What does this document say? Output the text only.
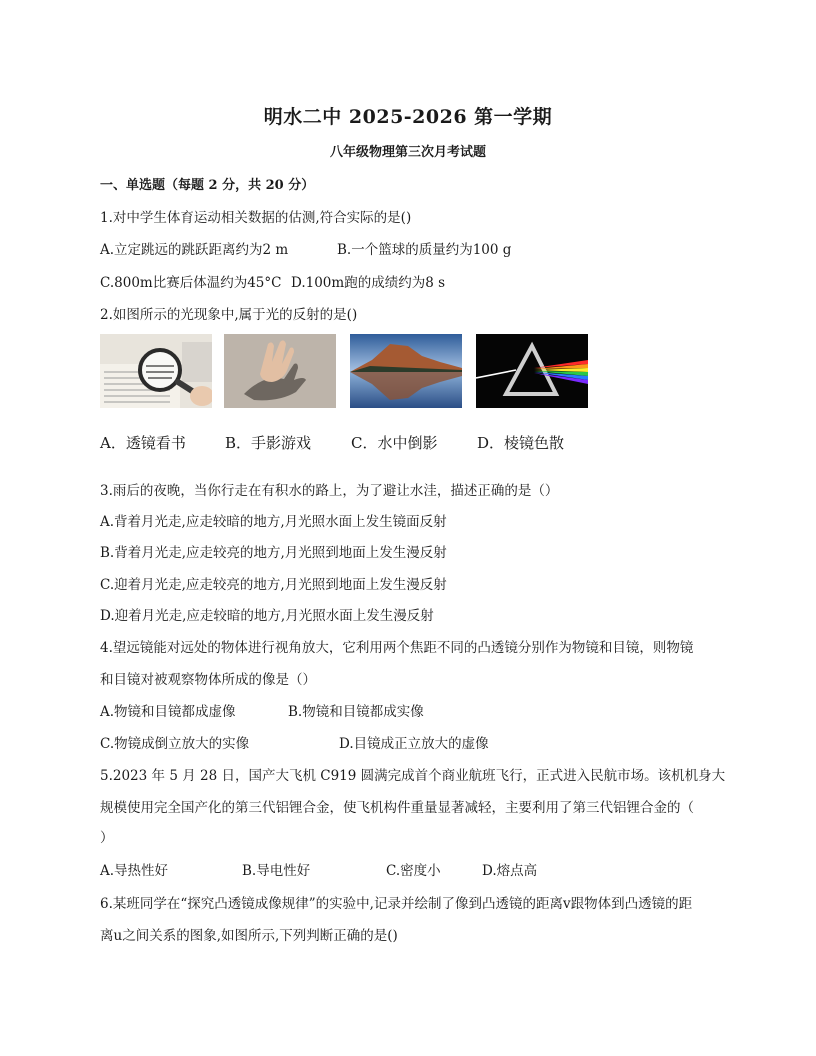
明水二中 2025-2026 第一学期
八年级物理第三次月考试题
一、单选题（每题 2 分，共 20 分）
1.对中学生体育运动相关数据的估测,符合实际的是()
A.立定跳远的跳跃距离约为2 m	B.一个篮球的质量约为100 g
C.800m比赛后体温约为45°C D.100m跑的成绩约为8 s
2.如图所示的光现象中,属于光的反射的是()
A．透镜看书	B．手影游戏	C．水中倒影	D．棱镜色散
3.雨后的夜晚，当你行走在有积水的路上，为了避让水洼，描述正确的是（）
A.背着月光走,应走较暗的地方,月光照水面上发生镜面反射
B.背着月光走,应走较亮的地方,月光照到地面上发生漫反射
C.迎着月光走,应走较亮的地方,月光照到地面上发生漫反射
D.迎着月光走,应走较暗的地方,月光照水面上发生漫反射
4.望远镜能对远处的物体进行视角放大，它利用两个焦距不同的凸透镜分别作为物镜和目镜，则物镜
和目镜对被观察物体所成的像是（）
A.物镜和目镜都成虚像	B.物镜和目镜都成实像
C.物镜成倒立放大的实像	D.目镜成正立放大的虚像
5.2023 年 5 月 28 日，国产大飞机 C919 圆满完成首个商业航班飞行，正式进入民航市场。该机机身大
规模使用完全国产化的第三代铝锂合金，使飞机构件重量显著减轻，主要利用了第三代铝锂合金的（
）
A.导热性好	B.导电性好	C.密度小	D.熔点高
6.某班同学在“探究凸透镜成像规律”的实验中,记录并绘制了像到凸透镜的距离v跟物体到凸透镜的距
离u之间关系的图象,如图所示,下列判断正确的是()
